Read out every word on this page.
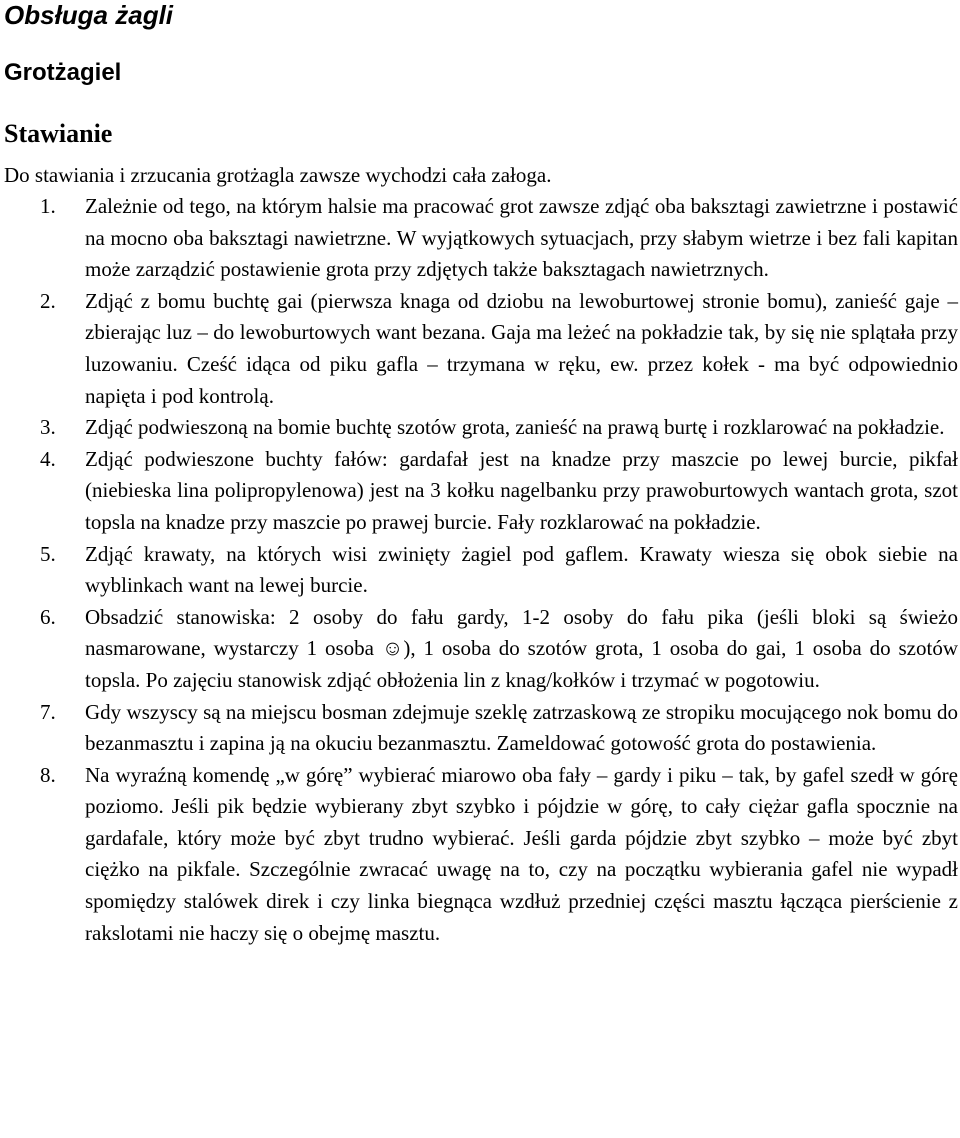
Obsługa żagli
Grotżagiel
Stawianie

Do stawiania i zrzucania grotżagla zawsze wychodzi cała załoga.

1. Zależnie od tego, na którym halsie ma pracować grot zawsze zdjąć oba baksztagi zawietrzne i postawić na mocno oba baksztagi nawietrzne. W wyjątkowych sytuacjach, przy słabym wietrze i bez fali kapitan może zarządzić postawienie grota przy zdjętych także baksztagach nawietrznych.
2. Zdjąć z bomu buchtę gai (pierwsza knaga od dziobu na lewoburtowej stronie bomu), zanieść gaje – zbierając luz – do lewoburtowych want bezana. Gaja ma leżeć na pokładzie tak, by się nie splątała przy luzowaniu. Cześć idąca od piku gafla – trzymana w ręku, ew. przez kołek - ma być odpowiednio napięta i pod kontrolą.
3. Zdjąć podwieszoną na bomie buchtę szotów grota, zanieść na prawą burtę i rozklarować na pokładzie.
4. Zdjąć podwieszone buchty fałów: gardafał jest na knadze przy maszcie po lewej burcie, pikfał (niebieska lina polipropylenowa) jest na 3 kołku nagelbanku przy prawoburtowych wantach grota, szot topsla na knadze przy maszcie po prawej burcie. Fały rozklarować na pokładzie.
5. Zdjąć krawaty, na których wisi zwinięty żagiel pod gaflem. Krawaty wiesza się obok siebie na wyblinkach want na lewej burcie.
6. Obsadzić stanowiska: 2 osoby do fału gardy, 1-2 osoby do fału pika (jeśli bloki są świeżo nasmarowane, wystarczy 1 osoba ☺), 1 osoba do szotów grota, 1 osoba do gai, 1 osoba do szotów topsla. Po zajęciu stanowisk zdjąć obłożenia lin z knag/kołków i trzymać w pogotowiu.
7. Gdy wszyscy są na miejscu bosman zdejmuje szeklę zatrzaskową ze stropiku mocującego nok bomu do bezanmasztu i zapina ją na okuciu bezanmasztu. Zameldować gotowość grota do postawienia.
8. Na wyraźną komendę „w górę” wybierać miarowo oba fały – gardy i piku – tak, by gafel szedł w górę poziomo. Jeśli pik będzie wybierany zbyt szybko i pójdzie w górę, to cały ciężar gafla spocznie na gardafale, który może być zbyt trudno wybierać. Jeśli garda pójdzie zbyt szybko – może być zbyt ciężko na pikfale. Szczególnie zwracać uwagę na to, czy na początku wybierania gafel nie wypadł spomiędzy stalówek direk i czy linka biegnąca wzdłuż przedniej części masztu łącząca pierścienie z rakslotami nie haczy się o obejmę masztu.
